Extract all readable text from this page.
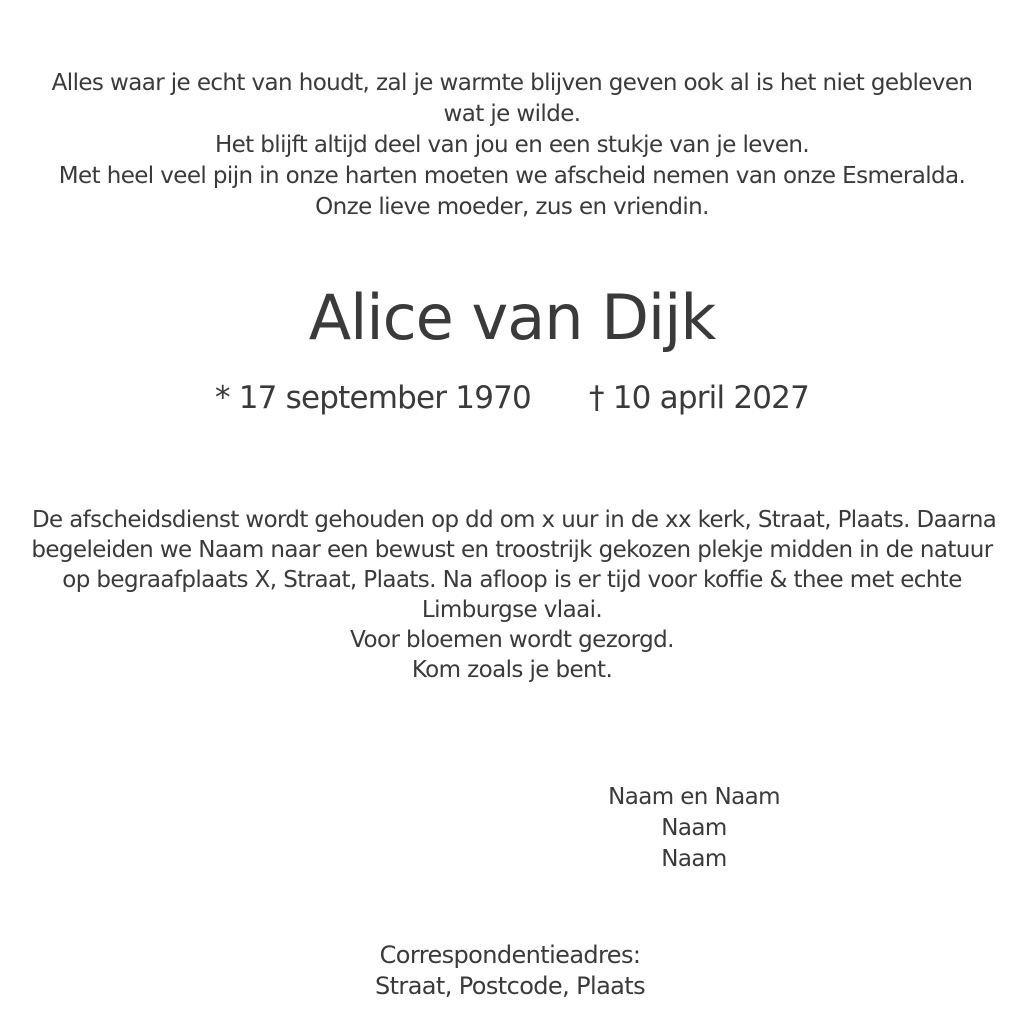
Alles waar je echt van houdt, zal je warmte blijven geven ook al is het niet gebleven
wat je wilde.
Het blijft altijd deel van jou en een stukje van je leven.
Met heel veel pijn in onze harten moeten we afscheid nemen van onze Esmeralda.
Onze lieve moeder, zus en vriendin.
Alice van Dijk
* 17 september 1970 † 10 april 2027
De afscheidsdienst wordt gehouden op dd om x uur in de xx kerk, Straat, Plaats. Daarna
begeleiden we Naam naar een bewust en troostrijk gekozen plekje midden in de natuur
op begraafplaats X, Straat, Plaats. Na afloop is er tijd voor koffie & thee met echte
Limburgse vlaai.
Voor bloemen wordt gezorgd.
Kom zoals je bent.
Naam en Naam
Naam
Naam
Correspondentieadres:
Straat, Postcode, Plaats
